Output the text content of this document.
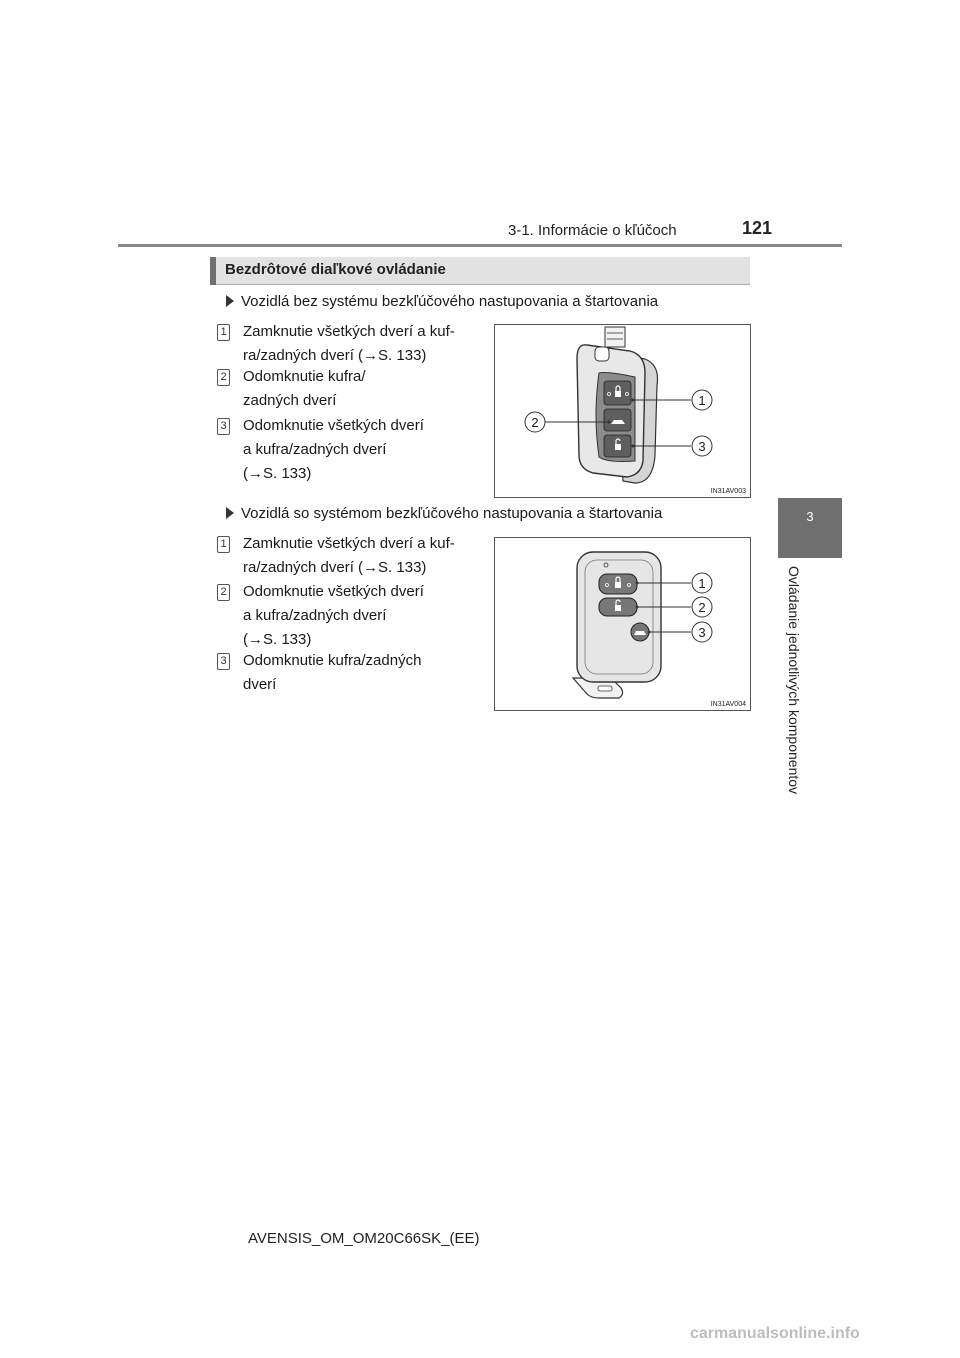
3-1. Informácie o kľúčoch	121
3
Ovládanie jednotlivých komponentov
Bezdrôtové diaľkové ovládanie
Vozidlá bez systému bezkľúčového nastupovania a štartovania
1 Zamknutie všetkých dverí a kuf-
ra/zadných dverí (→S. 133)
2 Odomknutie kufra/
zadných dverí
3 Odomknutie všetkých dverí
a kufra/zadných dverí
(→S. 133)
1
2
3
IN31AV003
Vozidlá so systémom bezkľúčového nastupovania a štartovania
1 Zamknutie všetkých dverí a kuf-
ra/zadných dverí (→S. 133)
2 Odomknutie všetkých dverí
a kufra/zadných dverí
(→S. 133)
3 Odomknutie kufra/zadných
dverí
1
2
3
IN31AV004
AVENSIS_OM_OM20C66SK_(EE)
carmanualsonline.info
